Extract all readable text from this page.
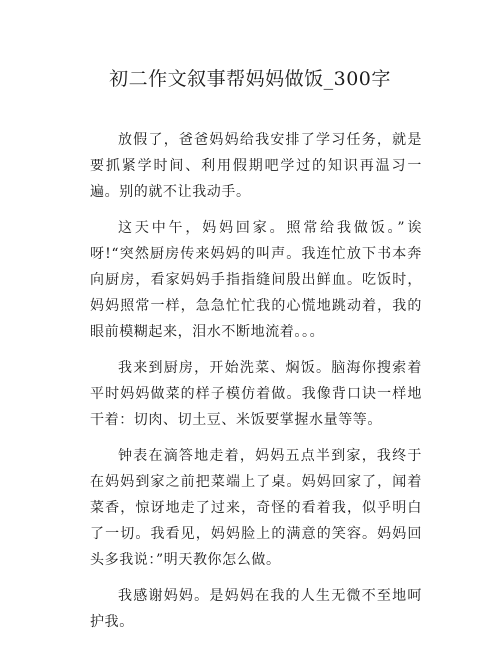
初二作文叙事帮妈妈做饭_300字

放假了，爸爸妈妈给我安排了学习任务，就是要抓紧学时间、利用假期吧学过的知识再温习一遍。别的就不让我动手。

这天中午，妈妈回家。照常给我做饭。”诶呀!“突然厨房传来妈妈的叫声。我连忙放下书本奔向厨房，看家妈妈手指指缝间殷出鲜血。吃饭时，妈妈照常一样，急急忙忙我的心慌地跳动着，我的眼前模糊起来，泪水不断地流着。。。

我来到厨房，开始洗菜、焖饭。脑海你搜索着平时妈妈做菜的样子模仿着做。我像背口诀一样地干着：切肉、切土豆、米饭要掌握水量等等。

钟表在滴答地走着，妈妈五点半到家，我终于在妈妈到家之前把菜端上了桌。妈妈回家了，闻着菜香，惊讶地走了过来，奇怪的看着我，似乎明白了一切。我看见，妈妈脸上的满意的笑容。妈妈回头多我说：”明天教你怎么做。

我感谢妈妈。是妈妈在我的人生无微不至地呵护我。
